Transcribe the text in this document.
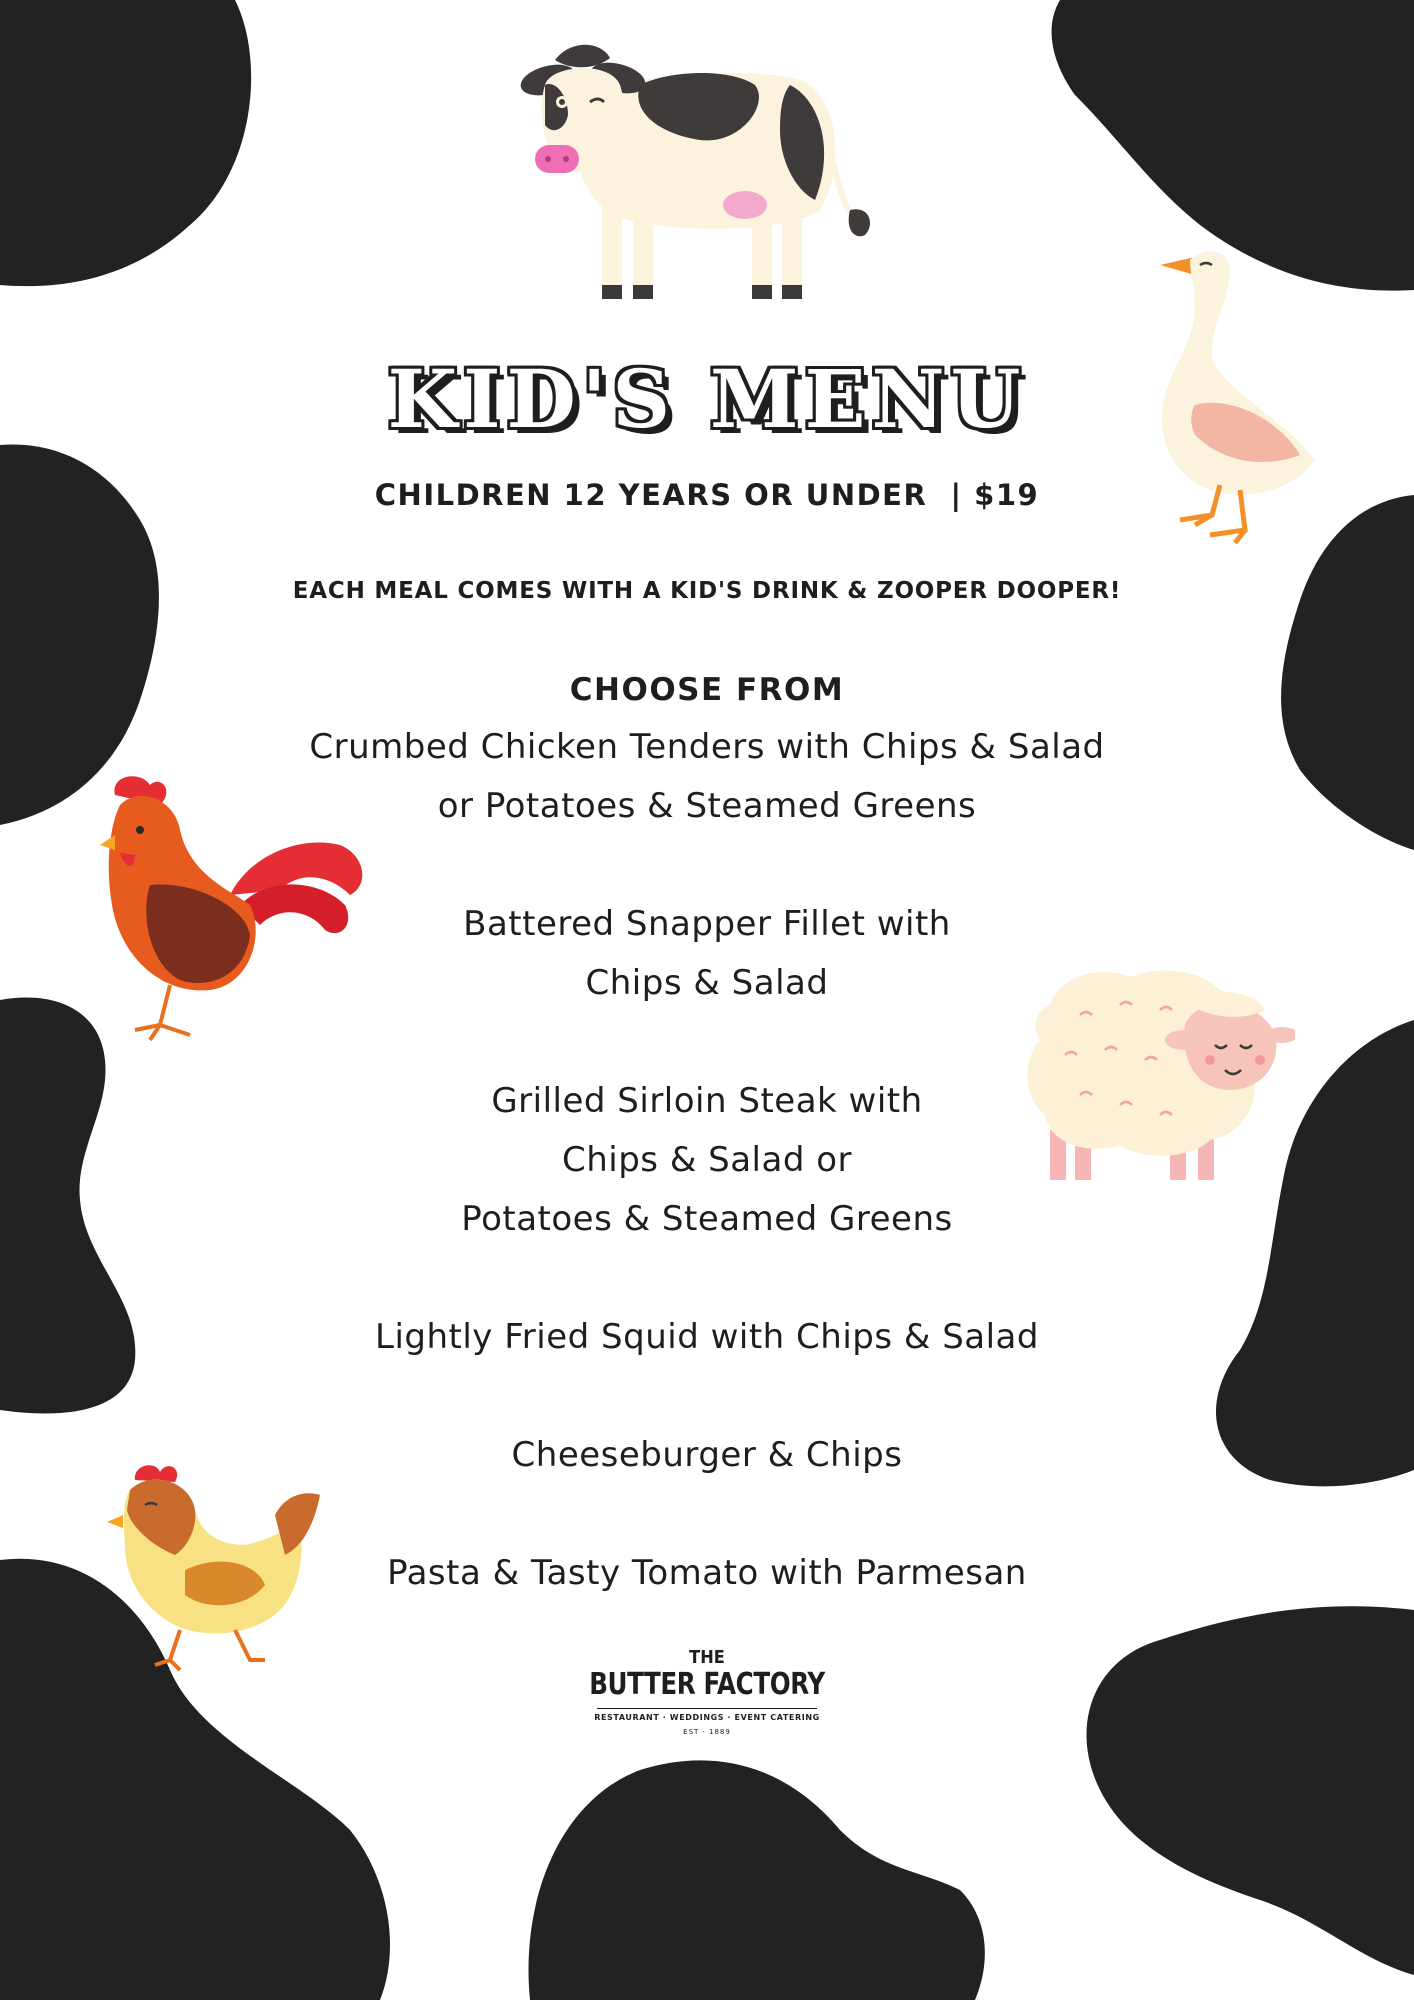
KID'S MENU
CHILDREN 12 YEARS OR UNDER  | $19
EACH MEAL COMES WITH A KID'S DRINK & ZOOPER DOOPER!
CHOOSE FROM
Crumbed Chicken Tenders with Chips & Salad
or Potatoes & Steamed Greens
Battered Snapper Fillet with
Chips & Salad
Grilled Sirloin Steak with
Chips & Salad or
Potatoes & Steamed Greens
Lightly Fried Squid with Chips & Salad
Cheeseburger & Chips
Pasta & Tasty Tomato with Parmesan
THE
BUTTER FACTORY
RESTAURANT · WEDDINGS · EVENT CATERING
EST · 1889
